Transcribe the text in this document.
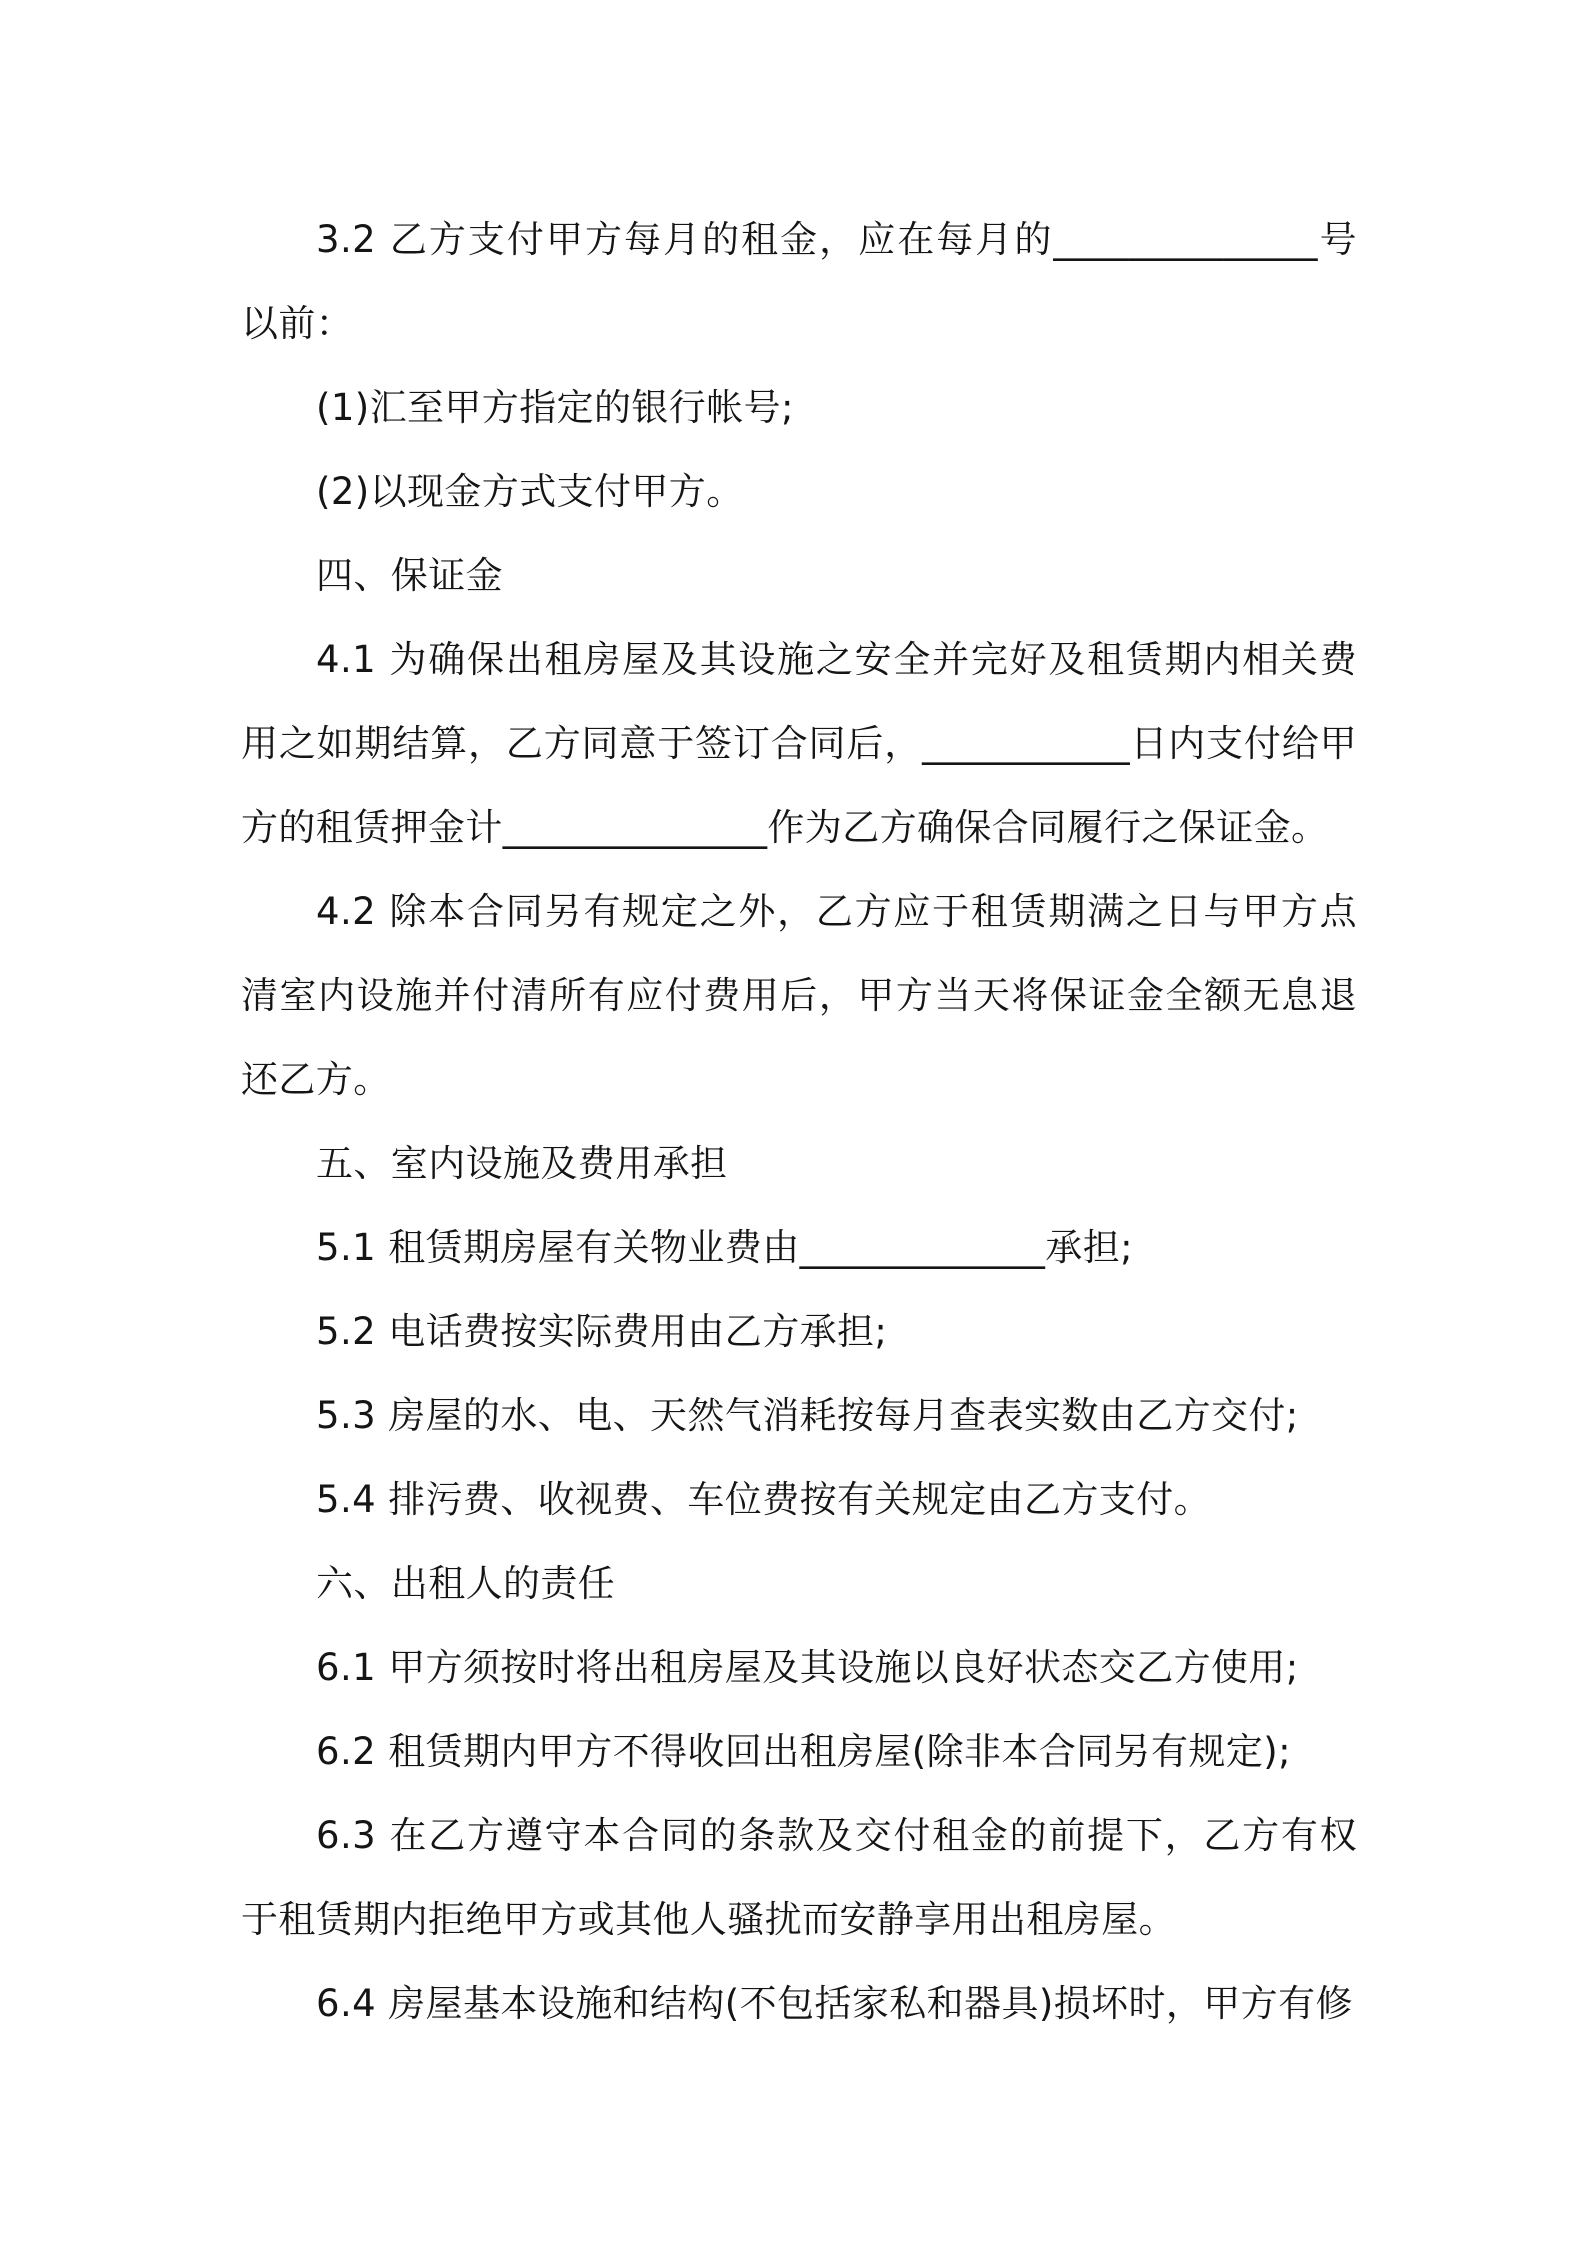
3.2 乙方支付甲方每月的租金，应在每月的______________号以前：

(1)汇至甲方指定的银行帐号;

(2)以现金方式支付甲方。

四、保证金

4.1 为确保出租房屋及其设施之安全并完好及租赁期内相关费用之如期结算，乙方同意于签订合同后，___________日内支付给甲方的租赁押金计______________作为乙方确保合同履行之保证金。

4.2 除本合同另有规定之外，乙方应于租赁期满之日与甲方点清室内设施并付清所有应付费用后，甲方当天将保证金全额无息退还乙方。

五、室内设施及费用承担

5.1 租赁期房屋有关物业费由_____________承担;

5.2 电话费按实际费用由乙方承担;

5.3 房屋的水、电、天然气消耗按每月查表实数由乙方交付;

5.4 排污费、收视费、车位费按有关规定由乙方支付。

六、出租人的责任

6.1 甲方须按时将出租房屋及其设施以良好状态交乙方使用;

6.2 租赁期内甲方不得收回出租房屋(除非本合同另有规定);

6.3 在乙方遵守本合同的条款及交付租金的前提下，乙方有权于租赁期内拒绝甲方或其他人骚扰而安静享用出租房屋。

6.4 房屋基本设施和结构(不包括家私和器具)损坏时，甲方有修
